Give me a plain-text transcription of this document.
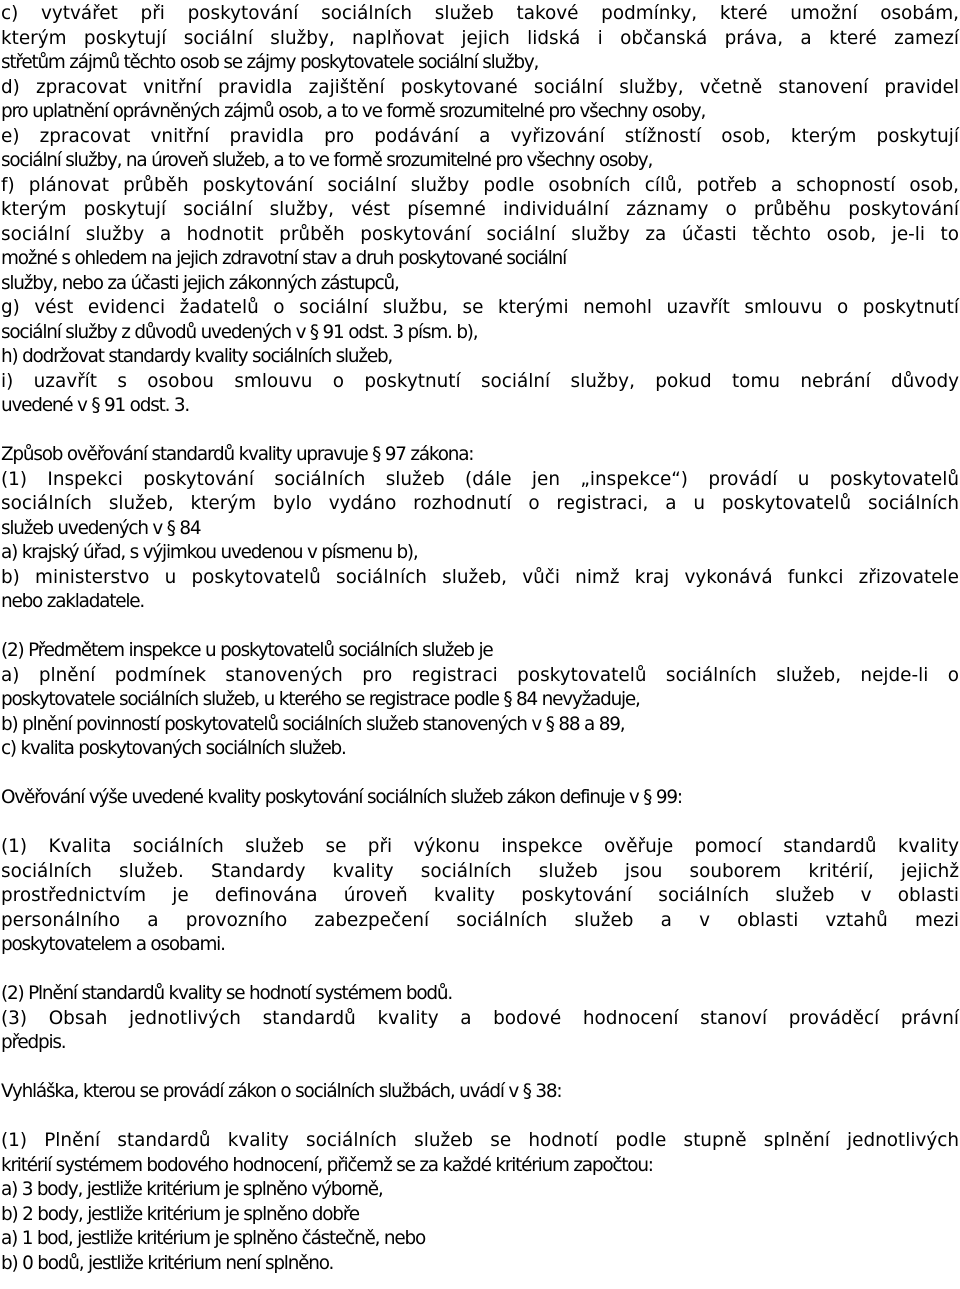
c) vytvářet při poskytování sociálních služeb takové podmínky, které umožní osobám,
kterým poskytují sociální služby, naplňovat jejich lidská i občanská práva, a které zamezí
střetům zájmů těchto osob se zájmy poskytovatele sociální služby,
d) zpracovat vnitřní pravidla zajištění poskytované sociální služby, včetně stanovení pravidel
pro uplatnění oprávněných zájmů osob, a to ve formě srozumitelné pro všechny osoby,
e) zpracovat vnitřní pravidla pro podávání a vyřizování stížností osob, kterým poskytují
sociální služby, na úroveň služeb, a to ve formě srozumitelné pro všechny osoby,
f) plánovat průběh poskytování sociální služby podle osobních cílů, potřeb a schopností osob,
kterým poskytují sociální služby, vést písemné individuální záznamy o průběhu poskytování
sociální služby a hodnotit průběh poskytování sociální služby za účasti těchto osob, je-li to
možné s ohledem na jejich zdravotní stav a druh poskytované sociální
služby, nebo za účasti jejich zákonných zástupců,
g) vést evidenci žadatelů o sociální službu, se kterými nemohl uzavřít smlouvu o poskytnutí
sociální služby z důvodů uvedených v § 91 odst. 3 písm. b),
h) dodržovat standardy kvality sociálních služeb,
i) uzavřít s osobou smlouvu o poskytnutí sociální služby, pokud tomu nebrání důvody
uvedené v § 91 odst. 3.
Způsob ověřování standardů kvality upravuje § 97 zákona:
(1) Inspekci poskytování sociálních služeb (dále jen „inspekce“) provádí u poskytovatelů
sociálních služeb, kterým bylo vydáno rozhodnutí o registraci, a u poskytovatelů sociálních
služeb uvedených v § 84
a) krajský úřad, s výjimkou uvedenou v písmenu b),
b) ministerstvo u poskytovatelů sociálních služeb, vůči nimž kraj vykonává funkci zřizovatele
nebo zakladatele.
(2) Předmětem inspekce u poskytovatelů sociálních služeb je
a) plnění podmínek stanovených pro registraci poskytovatelů sociálních služeb, nejde-li o
poskytovatele sociálních služeb, u kterého se registrace podle § 84 nevyžaduje,
b) plnění povinností poskytovatelů sociálních služeb stanovených v § 88 a 89,
c) kvalita poskytovaných sociálních služeb.
Ověřování výše uvedené kvality poskytování sociálních služeb zákon definuje v § 99:
(1) Kvalita sociálních služeb se při výkonu inspekce ověřuje pomocí standardů kvality
sociálních služeb. Standardy kvality sociálních služeb jsou souborem kritérií, jejichž
prostřednictvím je definována úroveň kvality poskytování sociálních služeb v oblasti
personálního a provozního zabezpečení sociálních služeb a v oblasti vztahů mezi
poskytovatelem a osobami.
(2) Plnění standardů kvality se hodnotí systémem bodů.
(3) Obsah jednotlivých standardů kvality a bodové hodnocení stanoví prováděcí právní
předpis.
Vyhláška, kterou se provádí zákon o sociálních službách, uvádí v § 38:
(1) Plnění standardů kvality sociálních služeb se hodnotí podle stupně splnění jednotlivých
kritérií systémem bodového hodnocení, přičemž se za každé kritérium započtou:
a) 3 body, jestliže kritérium je splněno výborně,
b) 2 body, jestliže kritérium je splněno dobře
a) 1 bod, jestliže kritérium je splněno částečně, nebo
b) 0 bodů, jestliže kritérium není splněno.
